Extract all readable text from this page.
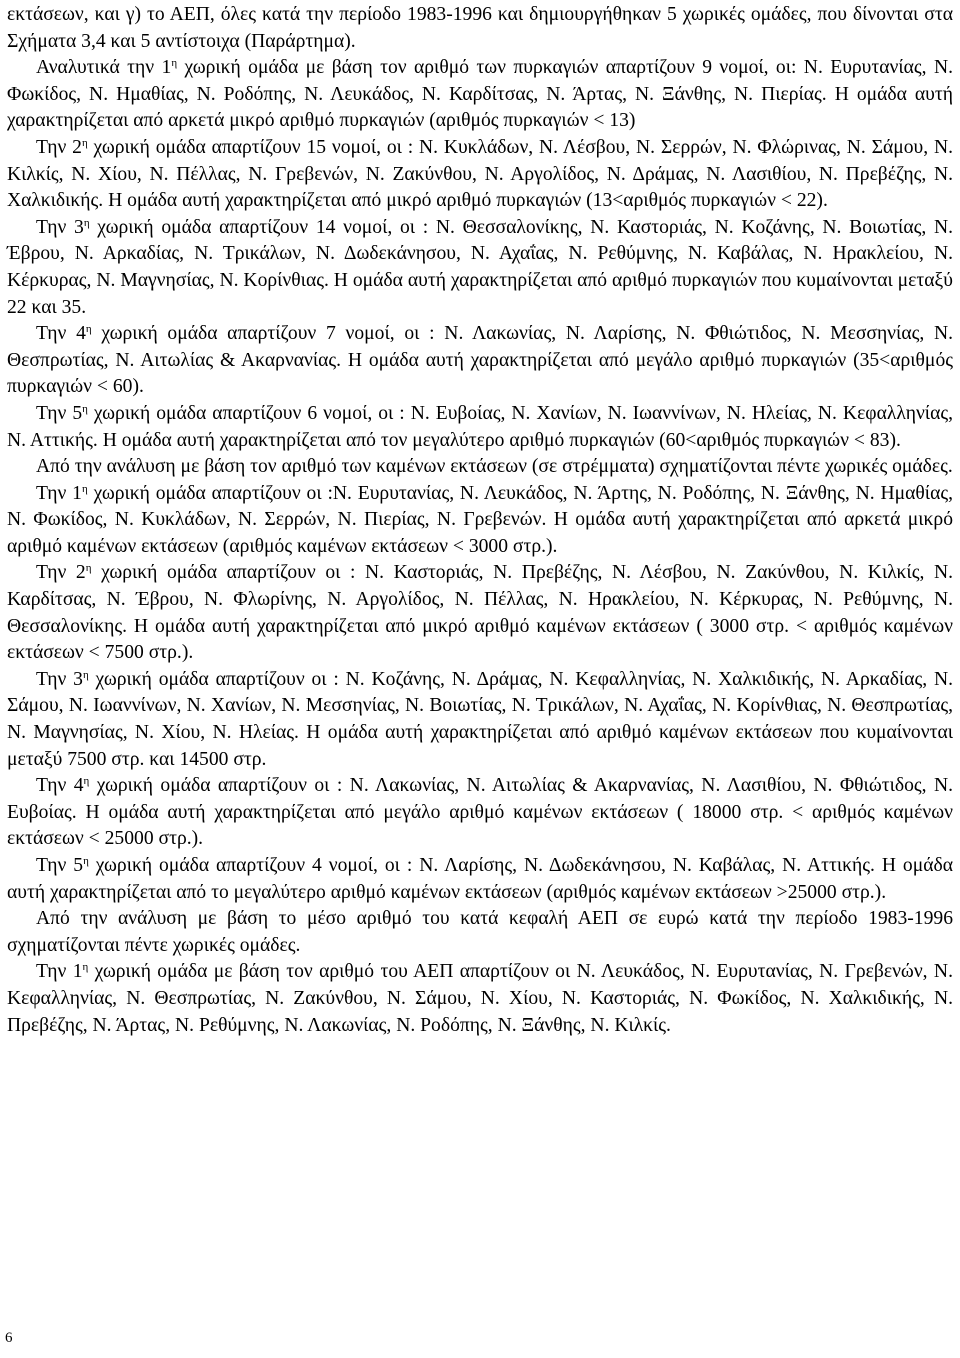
εκτάσεων, και γ) το ΑΕΠ, όλες κατά την περίοδο 1983-1996 και δημιουργήθηκαν 5 χωρικές ομάδες, που δίνονται στα Σχήματα 3,4 και 5 αντίστοιχα (Παράρτημα).

Αναλυτικά την $1^\eta$ χωρική ομάδα με βάση τον αριθμό των πυρκαγιών απαρτίζουν 9 νομοί, οι: Ν. Ευρυτανίας, Ν. Φωκίδος, Ν. Ημαθίας, Ν. Ροδόπης, Ν. Λευκάδος, Ν. Καρδίτσας, Ν. Άρτας, Ν. Ξάνθης, Ν. Πιερίας. Η ομάδα αυτή χαρακτηρίζεται από αρκετά μικρό αριθμό πυρκαγιών (αριθμός πυρκαγιών < 13)

Την $2^\eta$ χωρική ομάδα απαρτίζουν 15 νομοί, οι : Ν. Κυκλάδων, Ν. Λέσβου, Ν. Σερρών, Ν. Φλώρινας, Ν. Σάμου, Ν. Κιλκίς, Ν. Χίου, Ν. Πέλλας, Ν. Γρεβενών, Ν. Ζακύνθου, Ν. Αργολίδος, Ν. Δράμας, Ν. Λασιθίου, Ν. Πρεβέζης, Ν. Χαλκιδικής. Η ομάδα αυτή χαρακτηρίζεται από μικρό αριθμό πυρκαγιών (13<αριθμός πυρκαγιών < 22).

Την $3^\eta$ χωρική ομάδα απαρτίζουν 14 νομοί, οι : Ν. Θεσσαλονίκης, Ν. Καστοριάς, Ν. Κοζάνης, Ν. Βοιωτίας, Ν. Έβρου, Ν. Αρκαδίας, Ν. Τρικάλων, Ν. Δωδεκάνησου, Ν. Αχαΐας, Ν. Ρεθύμνης, Ν. Καβάλας, Ν. Ηρακλείου, Ν. Κέρκυρας, Ν. Μαγνησίας, Ν. Κορίνθιας. Η ομάδα αυτή χαρακτηρίζεται από αριθμό πυρκαγιών που κυμαίνονται μεταξύ 22 και 35.

Την $4^\eta$ χωρική ομάδα απαρτίζουν 7 νομοί, οι : Ν. Λακωνίας, Ν. Λαρίσης, Ν. Φθιώτιδος, Ν. Μεσσηνίας, Ν. Θεσπρωτίας, Ν. Αιτωλίας & Ακαρνανίας. Η ομάδα αυτή χαρακτηρίζεται από μεγάλο αριθμό πυρκαγιών (35<αριθμός πυρκαγιών < 60).

Την $5^\eta$ χωρική ομάδα απαρτίζουν 6 νομοί, οι : Ν. Ευβοίας, Ν. Χανίων, Ν. Ιωαννίνων, Ν. Ηλείας, Ν. Κεφαλληνίας, Ν. Αττικής. Η ομάδα αυτή χαρακτηρίζεται από τον μεγαλύτερο αριθμό πυρκαγιών (60<αριθμός πυρκαγιών < 83).

Από την ανάλυση με βάση τον αριθμό των καμένων εκτάσεων (σε στρέμματα) σχηματίζονται πέντε χωρικές ομάδες.

Την $1^\eta$ χωρική ομάδα απαρτίζουν οι :Ν. Ευρυτανίας, Ν. Λευκάδος, Ν. Άρτης, Ν. Ροδόπης, Ν. Ξάνθης, Ν. Ημαθίας, Ν. Φωκίδος, Ν. Κυκλάδων, Ν. Σερρών, Ν. Πιερίας, Ν. Γρεβενών. Η ομάδα αυτή χαρακτηρίζεται από αρκετά μικρό αριθμό καμένων εκτάσεων (αριθμός καμένων εκτάσεων < 3000 στρ.).

Την $2^\eta$ χωρική ομάδα απαρτίζουν οι : Ν. Καστοριάς, Ν. Πρεβέζης, Ν. Λέσβου, Ν. Ζακύνθου, Ν. Κιλκίς, Ν. Καρδίτσας, Ν. Έβρου, Ν. Φλωρίνης, Ν. Αργολίδος, Ν. Πέλλας, Ν. Ηρακλείου, Ν. Κέρκυρας, Ν. Ρεθύμνης, Ν. Θεσσαλονίκης. Η ομάδα αυτή χαρακτηρίζεται από μικρό αριθμό καμένων εκτάσεων ( 3000 στρ. < αριθμός καμένων εκτάσεων < 7500 στρ.).

Την $3^\eta$ χωρική ομάδα απαρτίζουν οι : Ν. Κοζάνης, Ν. Δράμας, Ν. Κεφαλληνίας, Ν. Χαλκιδικής, Ν. Αρκαδίας, Ν. Σάμου, Ν. Ιωαννίνων, Ν. Χανίων, Ν. Μεσσηνίας, Ν. Βοιωτίας, Ν. Τρικάλων, Ν. Αχαΐας, Ν. Κορίνθιας, Ν. Θεσπρωτίας, Ν. Μαγνησίας, Ν. Χίου, Ν. Ηλείας. Η ομάδα αυτή χαρακτηρίζεται από αριθμό καμένων εκτάσεων που κυμαίνονται μεταξύ 7500 στρ. και 14500 στρ.

Την $4^\eta$ χωρική ομάδα απαρτίζουν οι : Ν. Λακωνίας, Ν. Αιτωλίας & Ακαρνανίας, Ν. Λασιθίου, Ν. Φθιώτιδος, Ν. Ευβοίας. Η ομάδα αυτή χαρακτηρίζεται από μεγάλο αριθμό καμένων εκτάσεων ( 18000 στρ. < αριθμός καμένων εκτάσεων < 25000 στρ.).

Την $5^\eta$ χωρική ομάδα απαρτίζουν 4 νομοί, οι : Ν. Λαρίσης, Ν. Δωδεκάνησου, Ν. Καβάλας, Ν. Αττικής. Η ομάδα αυτή χαρακτηρίζεται από το μεγαλύτερο αριθμό καμένων εκτάσεων (αριθμός καμένων εκτάσεων >25000 στρ.).

Από την ανάλυση με βάση το μέσο αριθμό του κατά κεφαλή ΑΕΠ σε ευρώ κατά την περίοδο 1983-1996 σχηματίζονται πέντε χωρικές ομάδες.

Την $1^\eta$ χωρική ομάδα με βάση τον αριθμό του ΑΕΠ απαρτίζουν οι Ν. Λευκάδος, Ν. Ευρυτανίας, Ν. Γρεβενών, Ν. Κεφαλληνίας, Ν. Θεσπρωτίας, Ν. Ζακύνθου, Ν. Σάμου, Ν. Χίου, Ν. Καστοριάς, Ν. Φωκίδος, Ν. Χαλκιδικής, Ν. Πρεβέζης, Ν. Άρτας, Ν. Ρεθύμνης, Ν. Λακωνίας, Ν. Ροδόπης, Ν. Ξάνθης, Ν. Κιλκίς.

6
